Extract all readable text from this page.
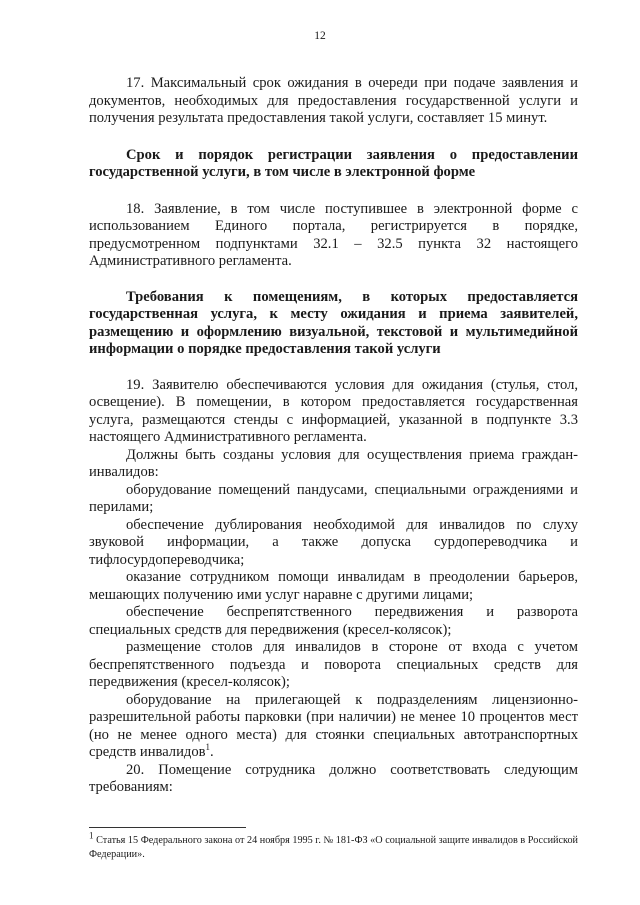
12

17. Максимальный срок ожидания в очереди при подаче заявления и документов, необходимых для предоставления государственной услуги и получения результата предоставления такой услуги, составляет 15 минут.

Срок и порядок регистрации заявления о предоставлении государственной услуги, в том числе в электронной форме

18. Заявление, в том числе поступившее в электронной форме с использованием Единого портала, регистрируется в порядке, предусмотренном подпунктами 32.1 – 32.5 пункта 32 настоящего Административного регламента.

Требования к помещениям, в которых предоставляется государственная услуга, к месту ожидания и приема заявителей, размещению и оформлению визуальной, текстовой и мультимедийной информации о порядке предоставления такой услуги

19. Заявителю обеспечиваются условия для ожидания (стулья, стол, освещение). В помещении, в котором предоставляется государственная услуга, размещаются стенды с информацией, указанной в подпункте 3.3 настоящего Административного регламента.

Должны быть созданы условия для осуществления приема граждан-инвалидов:

оборудование помещений пандусами, специальными ограждениями и перилами;

обеспечение дублирования необходимой для инвалидов по слуху звуковой информации, а также допуска сурдопереводчика и тифлосурдопереводчика;

оказание сотрудником помощи инвалидам в преодолении барьеров, мешающих получению ими услуг наравне с другими лицами;

обеспечение беспрепятственного передвижения и разворота специальных средств для передвижения (кресел-колясок);

размещение столов для инвалидов в стороне от входа с учетом беспрепятственного подъезда и поворота специальных средств для передвижения (кресел-колясок);

оборудование на прилегающей к подразделениям лицензионно-разрешительной работы парковки (при наличии) не менее 10 процентов мест (но не менее одного места) для стоянки специальных автотранспортных средств инвалидов$^1$.

20. Помещение сотрудника должно соответствовать следующим требованиям:

$^1$ Статья 15 Федерального закона от 24 ноября 1995 г. № 181-ФЗ «О социальной защите инвалидов в Российской Федерации».
